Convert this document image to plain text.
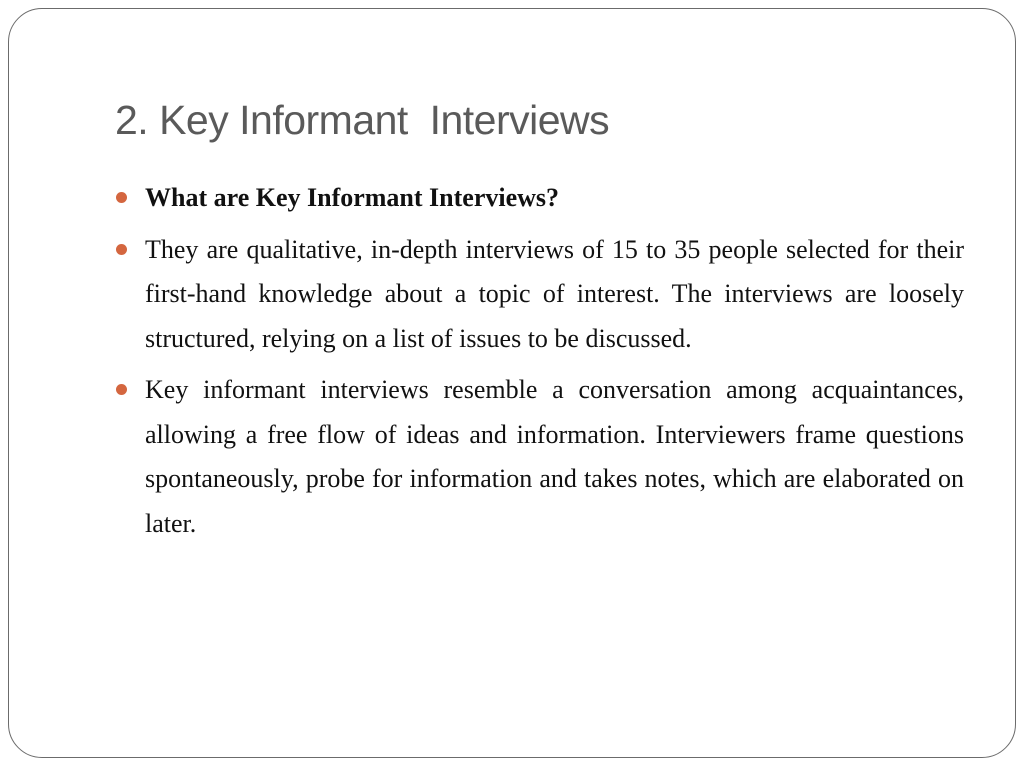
2. Key Informant  Interviews
What are Key Informant Interviews?
They are qualitative, in-depth interviews of 15 to 35 people selected for their first-hand knowledge about a topic of interest. The interviews are loosely structured, relying on a list of issues to be discussed.
Key informant interviews resemble a conversation among acquaintances, allowing a free flow of ideas and information. Interviewers frame questions spontaneously, probe for information and takes notes, which are elaborated on later.
